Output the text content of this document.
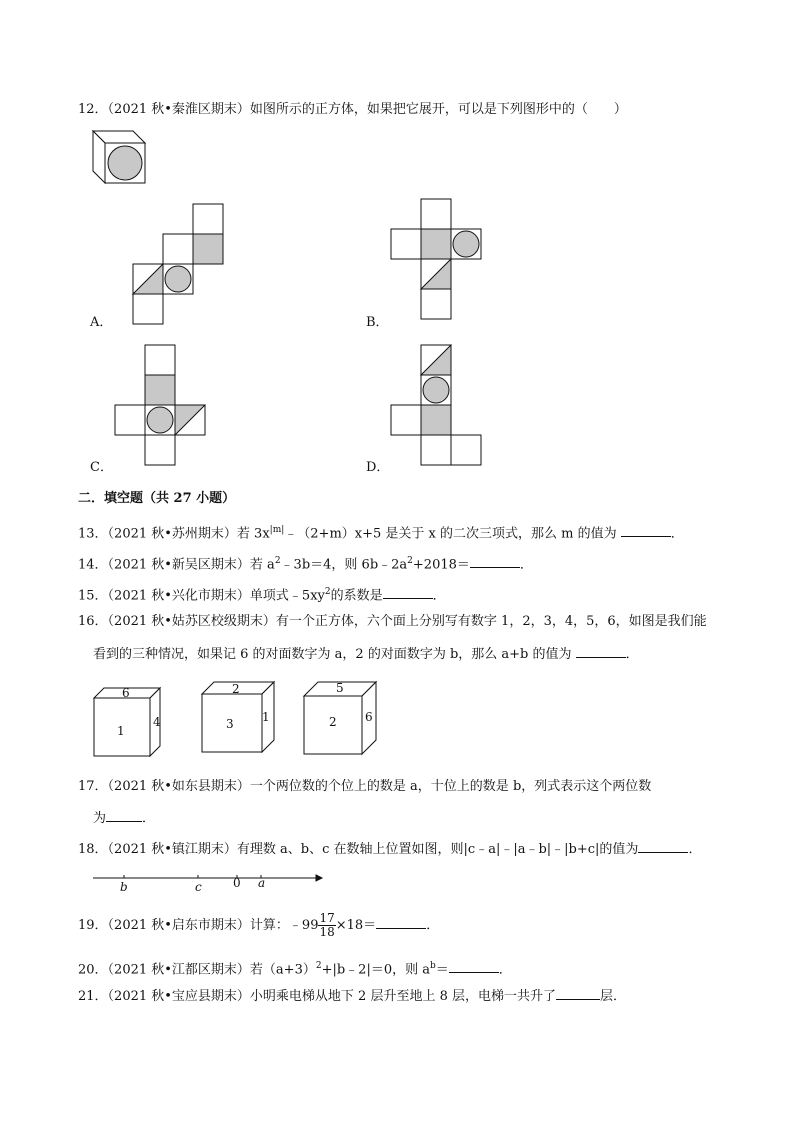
12．（2021 秋•秦淮区期末）如图所示的正方体，如果把它展开，可以是下列图形中的（　　）
A．	B．
C．	D．
二．填空题（共 27 小题）
13．（2021 秋•苏州期末）若 $3x^{|m|}﹣(2+m)x+5$ 是关于 x 的二次三项式，那么 m 的值为	．
14．（2021 秋•新吴区期末）若 $a^2﹣3b=4$，则 $6b﹣2a^2+2018=$	．
15．（2021 秋•兴化市期末）单项式$﹣5xy^2$的系数是	．
16．（2021 秋•姑苏区校级期末）有一个正方体，六个面上分别写有数字 1，2，3，4，5，6，如图是我们能
看到的三种情况，如果记 6 的对面数字为 a，2 的对面数字为 b，那么 a+b 的值为	．
6
1
4
2
3 1
5
2 6
17．（2021 秋•如东县期末）一个两位数的个位上的数是 a，十位上的数是 b，列式表示这个两位数
为	．
18．（2021 秋•镇江期末）有理数 a、b、c 在数轴上位置如图，则|c﹣a|﹣|a﹣b|﹣|b+c|的值为	．
b	c	0 a
19．（2021 秋•启东市期末）计算：﹣99 $\frac{17}{18} \times 18=$	．
20．（2021 秋•江都区期末）若$(a+3)^2+|b﹣2|=0$，则 $a^b=$	．
21．（2021 秋•宝应县期末）小明乘电梯从地下 2 层升至地上 8 层，电梯一共升了	层．
